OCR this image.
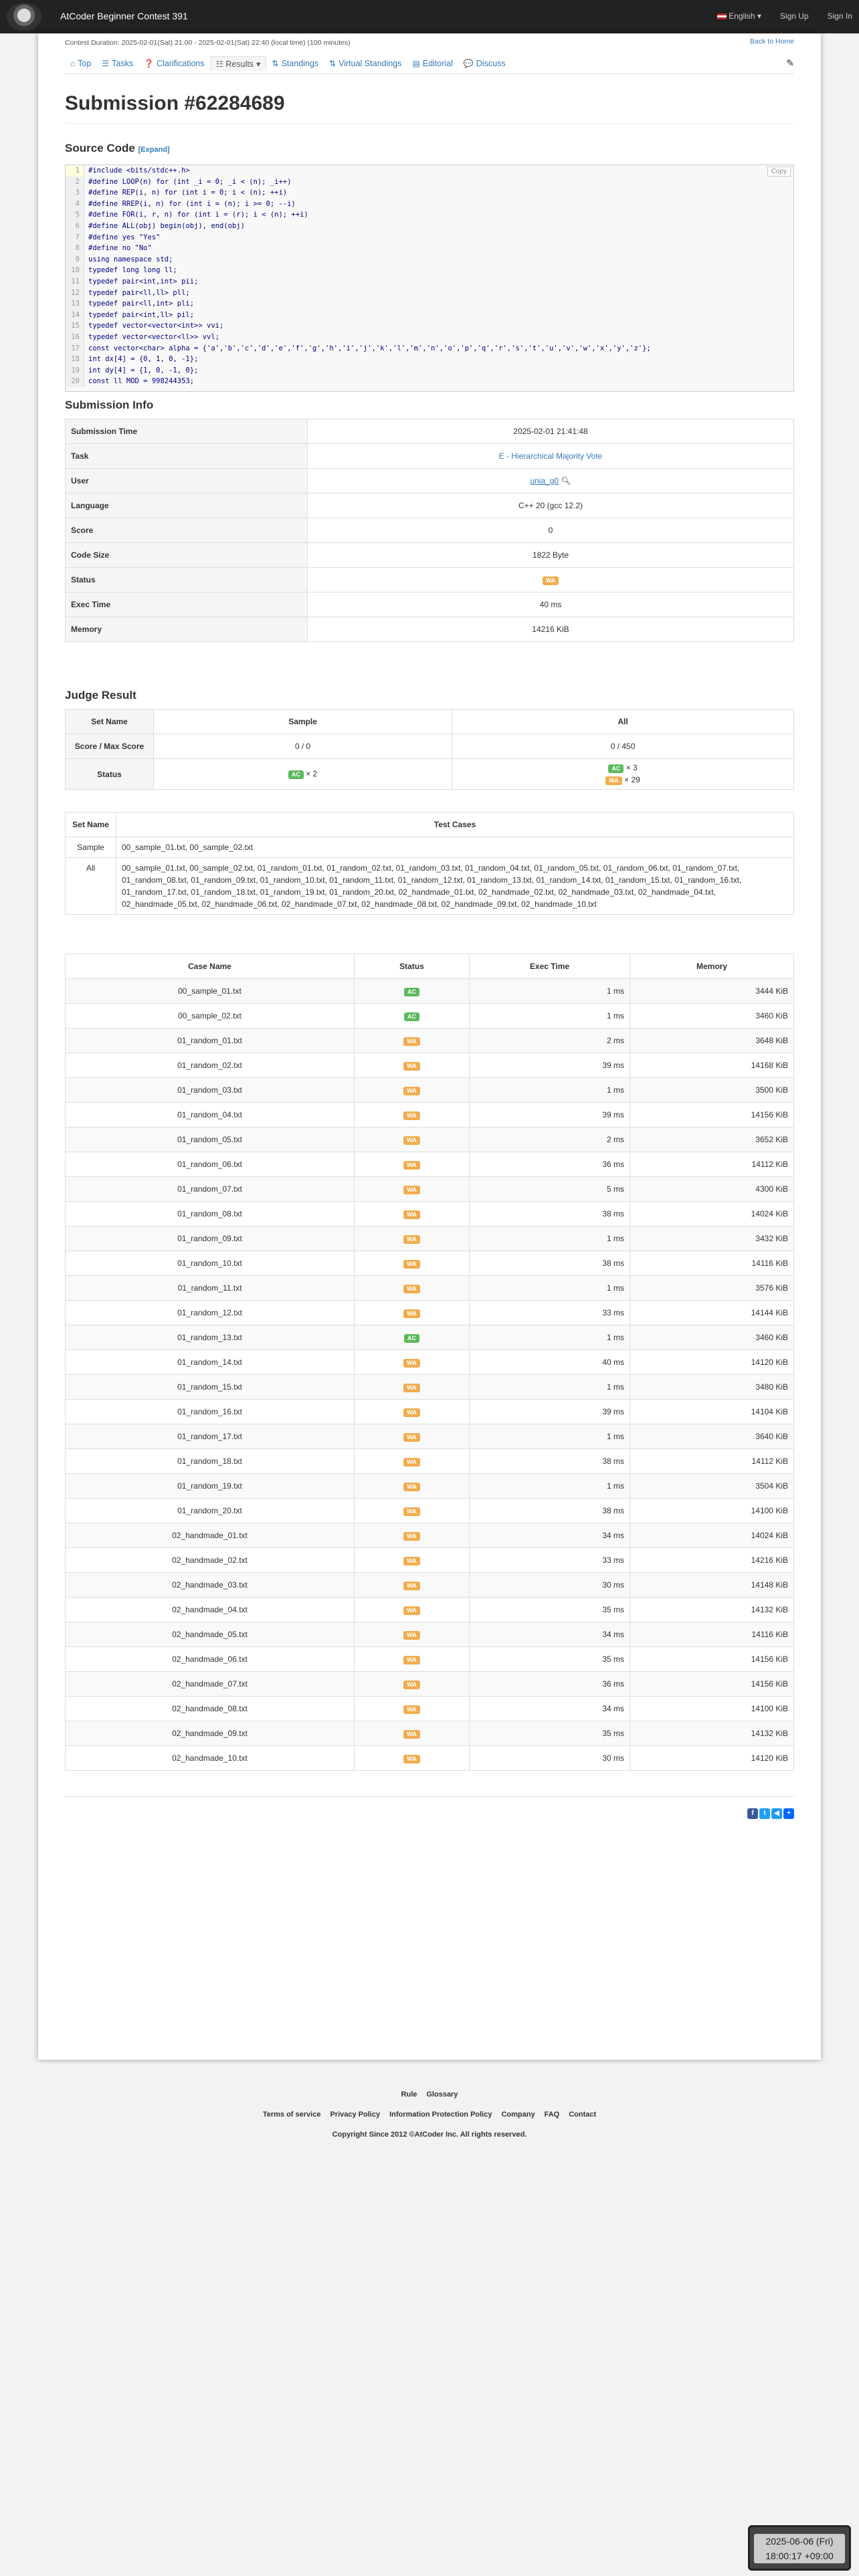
AtCoder Beginner Contest 391	English ▾ Sign Up Sign In
Contest Duration: 2025-02-01(Sat) 21:00 - 2025-02-01(Sat) 22:40 (local time) (100 minutes)	Back to Home
⌂ Top ☰ Tasks ❓ Clarifications ☷ Results ▾ ⇅ Standings ⇅ Virtual Standings ▤ Editorial 💬 Discuss	✎
Submission #62284689
Source Code [Expand]
Copy
1	#include <bits/stdc++.h>
2	#define LOOP(n) for (int _i = 0; _i < (n); _i++)
3	#define REP(i, n) for (int i = 0; i < (n); ++i)
4	#define RREP(i, n) for (int i = (n); i >= 0; --i)
5	#define FOR(i, r, n) for (int i = (r); i < (n); ++i)
6	#define ALL(obj) begin(obj), end(obj)
7	#define yes "Yes"
8	#define no "No"
9	using namespace std;
10	typedef long long ll;
11	typedef pair<int,int> pii;
12	typedef pair<ll,ll> pll;
13	typedef pair<ll,int> pli;
14	typedef pair<int,ll> pil;
15	typedef vector<vector<int>> vvi;
16	typedef vector<vector<ll>> vvl;
17	const vector<char> alpha = {'a','b','c','d','e','f','g','h','i','j','k','l','m','n','o','p','q','r','s','t','u','v','w','x','y','z'};
18	int dx[4] = {0, 1, 0, -1};
19	int dy[4] = {1, 0, -1, 0};
20	const ll MOD = 998244353;
Submission Info
Submission Time	2025-02-01 21:41:48
Task	E - Hierarchical Majority Vote
User	unia_g0 🔍︎
Language	C++ 20 (gcc 12.2)
Score	0
Code Size	1822 Byte
Status	WA
Exec Time	40 ms
Memory	14216 KiB
Judge Result
Set Name	Sample	All
Score / Max Score	0 / 0	0 / 450
Status	AC × 2	AC × 3
WA × 29
Set Name	Test Cases
Sample	00_sample_01.txt, 00_sample_02.txt
All	00_sample_01.txt, 00_sample_02.txt, 01_random_01.txt, 01_random_02.txt, 01_random_03.txt, 01_random_04.txt, 01_random_05.txt, 01_random_06.txt, 01_random_07.txt, 01_random_08.txt, 01_random_09.txt, 01_random_10.txt, 01_random_11.txt, 01_random_12.txt, 01_random_13.txt, 01_random_14.txt, 01_random_15.txt, 01_random_16.txt, 01_random_17.txt, 01_random_18.txt, 01_random_19.txt, 01_random_20.txt, 02_handmade_01.txt, 02_handmade_02.txt, 02_handmade_03.txt, 02_handmade_04.txt, 02_handmade_05.txt, 02_handmade_06.txt, 02_handmade_07.txt, 02_handmade_08.txt, 02_handmade_09.txt, 02_handmade_10.txt
Case Name	Status	Exec Time	Memory
00_sample_01.txt	AC	1 ms	3444 KiB
00_sample_02.txt	AC	1 ms	3460 KiB
01_random_01.txt	WA	2 ms	3648 KiB
01_random_02.txt	WA	39 ms	14168 KiB
01_random_03.txt	WA	1 ms	3500 KiB
01_random_04.txt	WA	39 ms	14156 KiB
01_random_05.txt	WA	2 ms	3652 KiB
01_random_06.txt	WA	36 ms	14112 KiB
01_random_07.txt	WA	5 ms	4300 KiB
01_random_08.txt	WA	38 ms	14024 KiB
01_random_09.txt	WA	1 ms	3432 KiB
01_random_10.txt	WA	38 ms	14116 KiB
01_random_11.txt	WA	1 ms	3576 KiB
01_random_12.txt	WA	33 ms	14144 KiB
01_random_13.txt	AC	1 ms	3460 KiB
01_random_14.txt	WA	40 ms	14120 KiB
01_random_15.txt	WA	1 ms	3480 KiB
01_random_16.txt	WA	39 ms	14104 KiB
01_random_17.txt	WA	1 ms	3640 KiB
01_random_18.txt	WA	38 ms	14112 KiB
01_random_19.txt	WA	1 ms	3504 KiB
01_random_20.txt	WA	38 ms	14100 KiB
02_handmade_01.txt	WA	34 ms	14024 KiB
02_handmade_02.txt	WA	33 ms	14216 KiB
02_handmade_03.txt	WA	30 ms	14148 KiB
02_handmade_04.txt	WA	35 ms	14132 KiB
02_handmade_05.txt	WA	34 ms	14116 KiB
02_handmade_06.txt	WA	35 ms	14156 KiB
02_handmade_07.txt	WA	36 ms	14156 KiB
02_handmade_08.txt	WA	34 ms	14100 KiB
02_handmade_09.txt	WA	35 ms	14132 KiB
02_handmade_10.txt	WA	30 ms	14120 KiB
f	t	◀	+
Rule Glossary
Terms of service Privacy Policy Information Protection Policy Company FAQ Contact
Copyright Since 2012 ©AtCoder Inc. All rights reserved.
2025-06-06 (Fri)
18:00:17 +09:00
